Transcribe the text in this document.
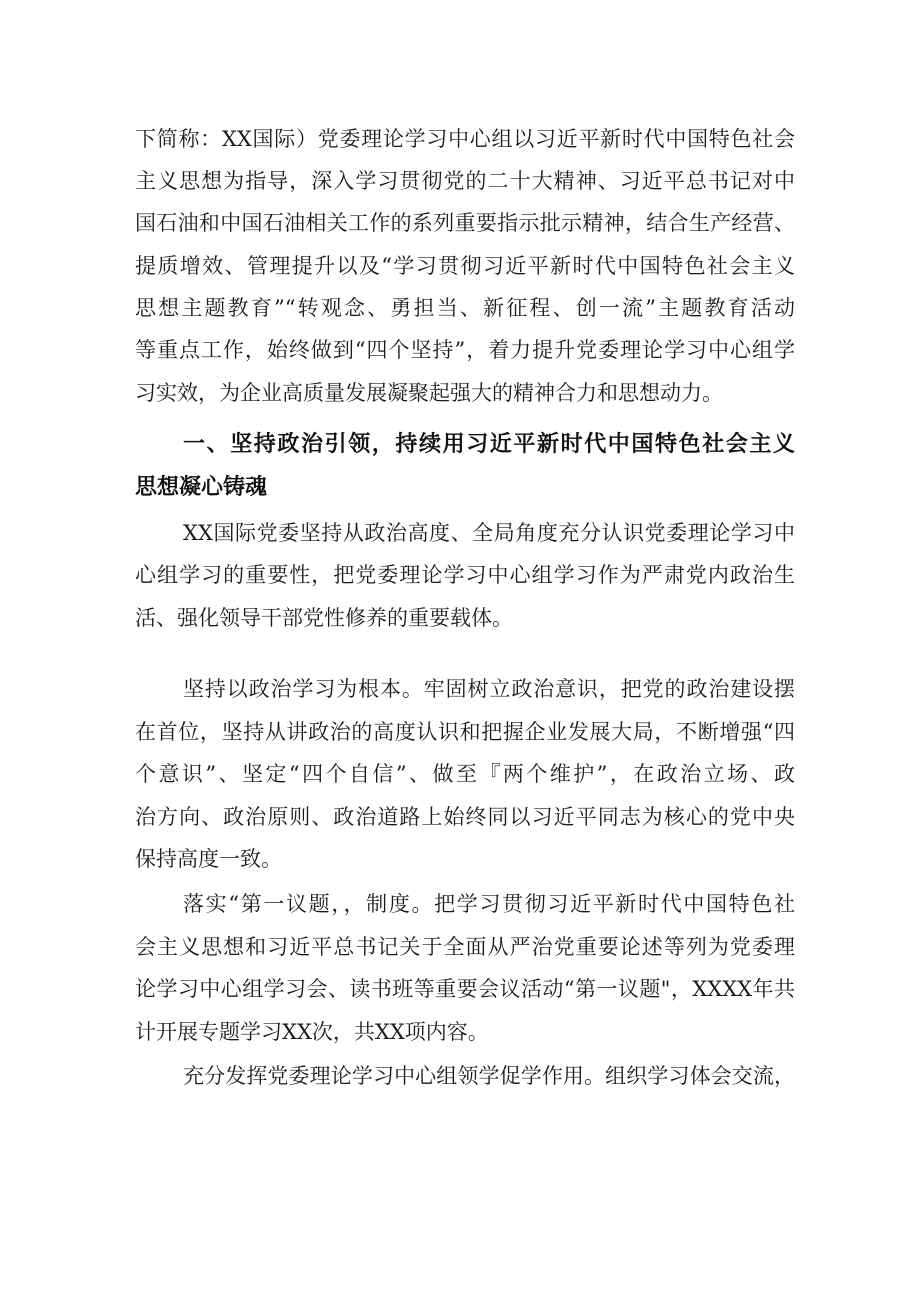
下简称：XX国际）党委理论学习中心组以习近平新时代中国特色社会
主义思想为指导，深入学习贯彻党的二十大精神、习近平总书记对中
国石油和中国石油相关工作的系列重要指示批示精神，结合生产经营、
提质增效、管理提升以及“学习贯彻习近平新时代中国特色社会主义
思想主题教育”“转观念、勇担当、新征程、创一流”主题教育活动
等重点工作，始终做到“四个坚持”，着力提升党委理论学习中心组学
习实效，为企业高质量发展凝聚起强大的精神合力和思想动力。
一、坚持政治引领，持续用习近平新时代中国特色社会主义
思想凝心铸魂
XX国际党委坚持从政治高度、全局角度充分认识党委理论学习中
心组学习的重要性，把党委理论学习中心组学习作为严肃党内政治生
活、强化领导干部党性修养的重要载体。
坚持以政治学习为根本。牢固树立政治意识，把党的政治建设摆
在首位，坚持从讲政治的高度认识和把握企业发展大局，不断增强“四
个意识”、坚定“四个自信”、做至『两个维护”，在政治立场、政
治方向、政治原则、政治道路上始终同以习近平同志为核心的党中央
保持高度一致。
落实“第一议题，，制度。把学习贯彻习近平新时代中国特色社
会主义思想和习近平总书记关于全面从严治党重要论述等列为党委理
论学习中心组学习会、读书班等重要会议活动“第一议题"，XXXX年共
计开展专题学习XX次，共XX项内容。
充分发挥党委理论学习中心组领学促学作用。组织学习体会交流，
